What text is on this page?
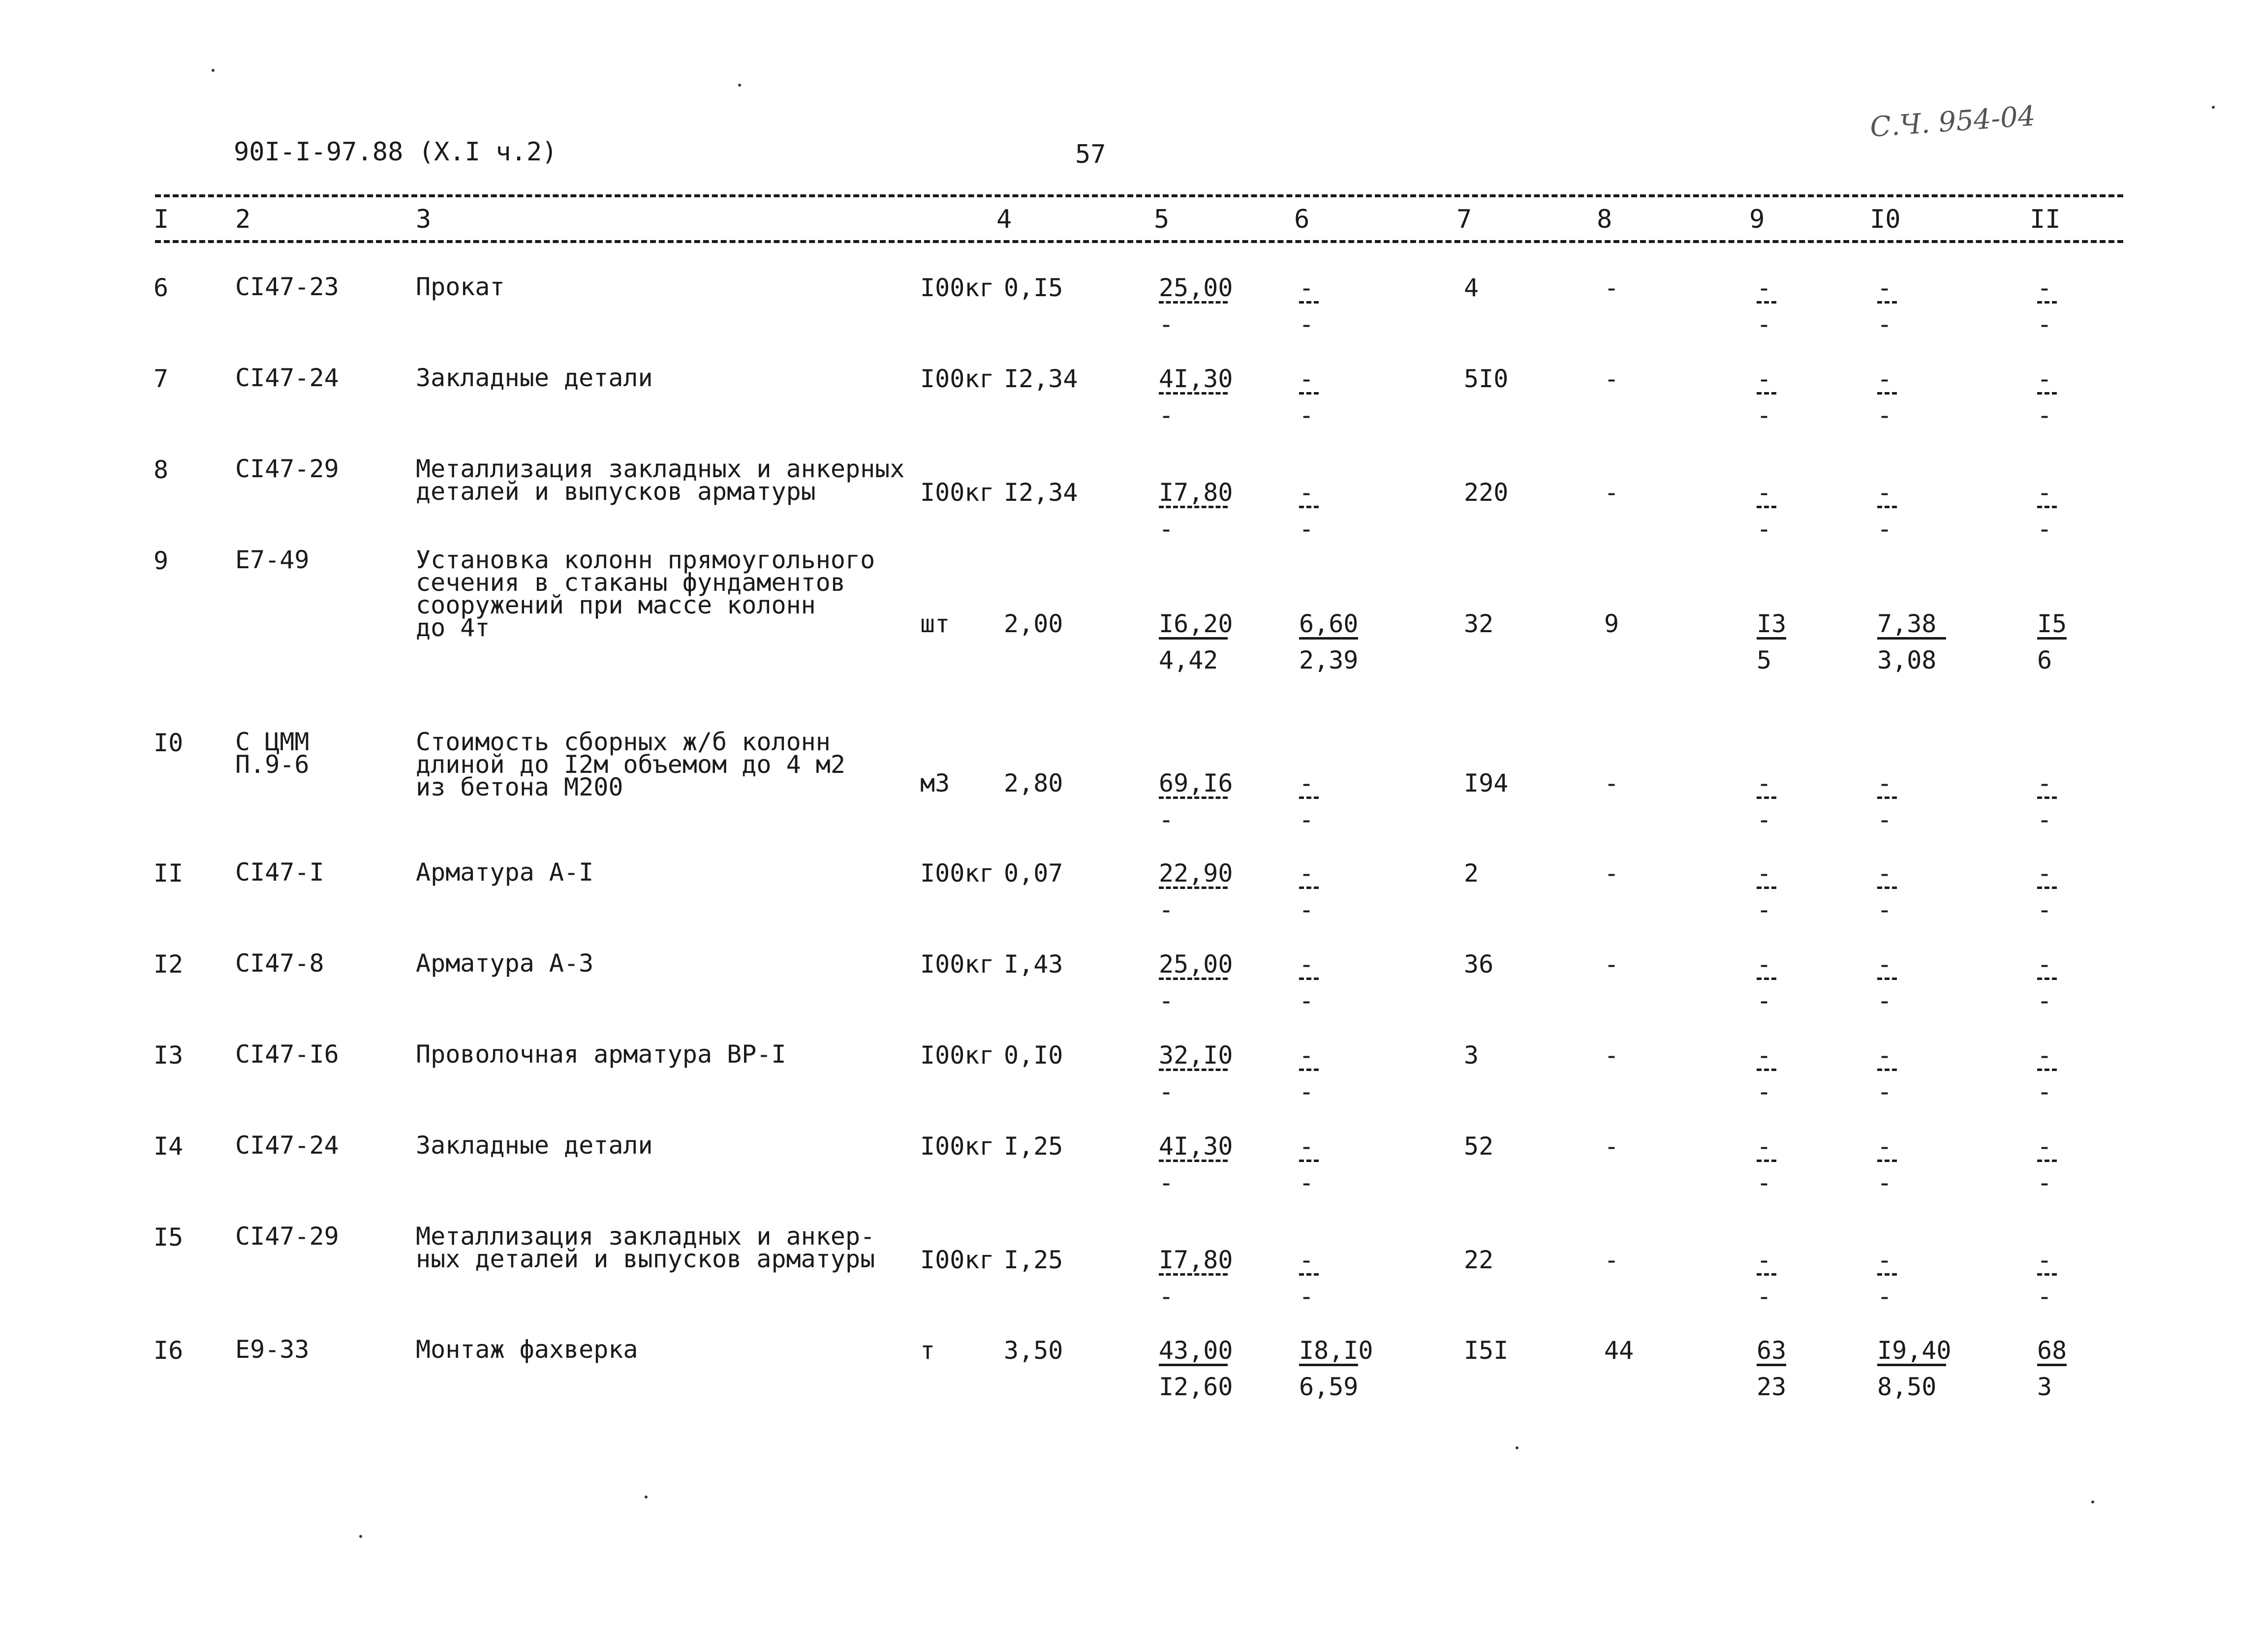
90I-I-97.88 (Х.I ч.2)	57
С.Ч. 954-04
I	2	3	4	5	6	7	8	9	I0	II
6	CI47-23	Прокат	I00кг 0,I5	25,00	-	4	-	-	-	-
-	-	-	-	-
7	CI47-24	Закладные детали	I00кг I2,34	4I,30	-	5I0	-	-	-	-
-	-	-	-	-
8	CI47-29	Металлизация закладных и анкерных
деталей и выпусков арматуры	I00кг I2,34	I7,80	-	220	-	-	-	-
-	-	-	-	-
9	E7-49	Установка колонн прямоугольного
сечения в стаканы фундаментов
сооружений при массе колонн
до 4т	шт 2,00	I6,20	6,60	32	9	I3	7,38	I5
4,42	2,39	5	3,08	6
I0 С ЦММ
П.9-6
Стоимость сборных ж/б колонн
длиной до I2м объемом до 4 м2
из бетона М200	м3 2,80	69,I6	-	I94	-	-	-	-
-	-	-	-	-
II CI47-I	Арматура А-I	I00кг 0,07	22,90	-	2	-	-	-	-
-	-	-	-	-
I2 CI47-8	Арматура А-3	I00кг I,43	25,00	-	36	-	-	-	-
-	-	-	-	-
I3 CI47-I6	Проволочная арматура ВР-I	I00кг 0,I0	32,I0	-	3	-	-	-	-
-	-	-	-	-
I4 CI47-24	Закладные детали	I00кг I,25	4I,30	-	52	-	-	-	-
-	-	-	-	-
I5 CI47-29	Металлизация закладных и анкер-
ных деталей и выпусков арматуры I00кг I,25	I7,80	-	22	-	-	-	-
-	-	-	-	-
I6 E9-33	Монтаж фахверка	т	3,50	43,00	I8,I0	I5I	44	63	I9,40	68
I2,60	6,59	23	8,50	3
